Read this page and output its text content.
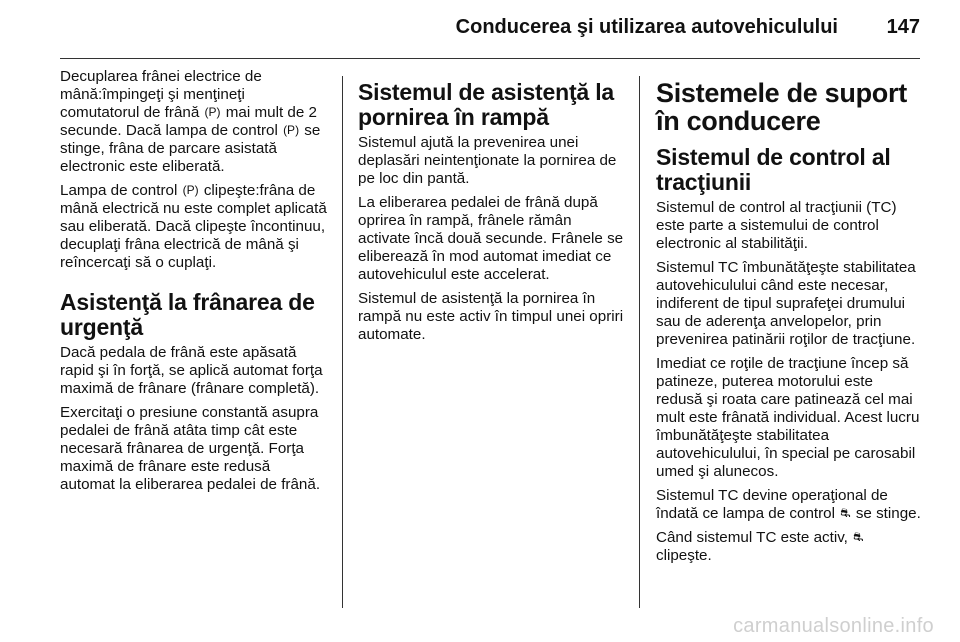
Conducerea şi utilizarea autovehiculului 147

Decuplarea frânei electrice de mână:împingeţi şi menţineţi comutatorul de frână (P) mai mult de 2 secunde. Dacă lampa de control (P) se stinge, frâna de parcare asistată electronic este eliberată.

Lampa de control (P) clipeşte:frâna de mână electrică nu este complet aplicată sau eliberată. Dacă clipeşte încontinuu, decuplaţi frâna electrică de mână şi reîncercaţi să o cuplaţi.

Asistenţă la frânarea de urgenţă

Dacă pedala de frână este apăsată rapid şi în forţă, se aplică automat forţa maximă de frânare (frânare completă).

Exercitaţi o presiune constantă asupra pedalei de frână atâta timp cât este necesară frânarea de urgenţă. Forţa maximă de frânare este redusă automat la eliberarea pedalei de frână.

Sistemul de asistenţă la pornirea în rampă

Sistemul ajută la prevenirea unei deplasări neintenţionate la pornirea de pe loc din pantă.

La eliberarea pedalei de frână după oprirea în rampă, frânele rămân activate încă două secunde. Frânele se eliberează în mod automat imediat ce autovehiculul este accelerat.

Sistemul de asistenţă la pornirea în rampă nu este activ în timpul unei opriri automate.

Sistemele de suport în conducere
Sistemul de control al tracţiunii

Sistemul de control al tracţiunii (TC) este parte a sistemului de control electronic al stabilităţii.

Sistemul TC îmbunătăţeşte stabilitatea autovehiculului când este necesar, indiferent de tipul suprafeţei drumului sau de aderenţa anvelopelor, prin prevenirea patinării roţilor de tracţiune.

Imediat ce roţile de tracţiune încep să patineze, puterea motorului este redusă şi roata care patinează cel mai mult este frânată individual. Acest lucru îmbunătăţeşte stabilitatea autovehiculului, în special pe carosabil umed şi alunecos.

Sistemul TC devine operaţional de îndată ce lampa de control ⛐ se stinge.

Când sistemul TC este activ, ⛐ clipeşte.

carmanualsonline.info
